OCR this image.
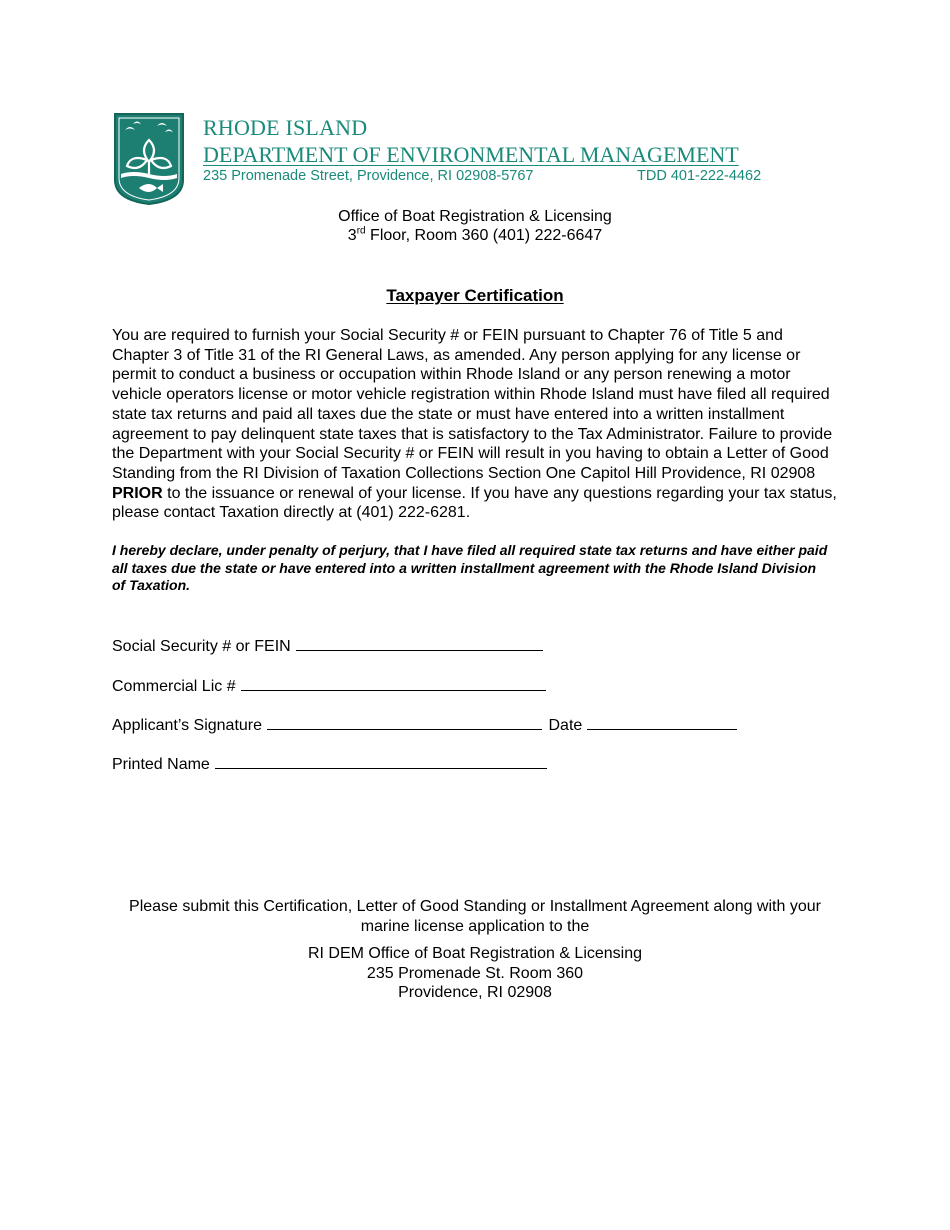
RHODE ISLAND
DEPARTMENT OF ENVIRONMENTAL MANAGEMENT
235 Promenade Street, Providence, RI 02908-5767	TDD 401-222-4462
Office of Boat Registration & Licensing
3rd Floor, Room 360 (401) 222-6647
Taxpayer Certification

You are required to furnish your Social Security # or FEIN pursuant to Chapter 76 of Title 5 and Chapter 3 of Title 31 of the RI General Laws, as amended. Any person applying for any license or permit to conduct a business or occupation within Rhode Island or any person renewing a motor vehicle operators license or motor vehicle registration within Rhode Island must have filed all required state tax returns and paid all taxes due the state or must have entered into a written installment agreement to pay delinquent state taxes that is satisfactory to the Tax Administrator. Failure to provide the Department with your Social Security # or FEIN will result in you having to obtain a Letter of Good Standing from the RI Division of Taxation Collections Section One Capitol Hill Providence, RI 02908 PRIOR to the issuance or renewal of your license. If you have any questions regarding your tax status, please contact Taxation directly at (401) 222-6281.

I hereby declare, under penalty of perjury, that I have filed all required state tax returns and have either paid all taxes due the state or have entered into a written installment agreement with the Rhode Island Division of Taxation.

Social Security # or FEIN
Commercial Lic #
Applicant’s Signature	Date
Printed Name
Please submit this Certification, Letter of Good Standing or Installment Agreement along with your marine license application to the
RI DEM Office of Boat Registration & Licensing
235 Promenade St. Room 360
Providence, RI 02908
